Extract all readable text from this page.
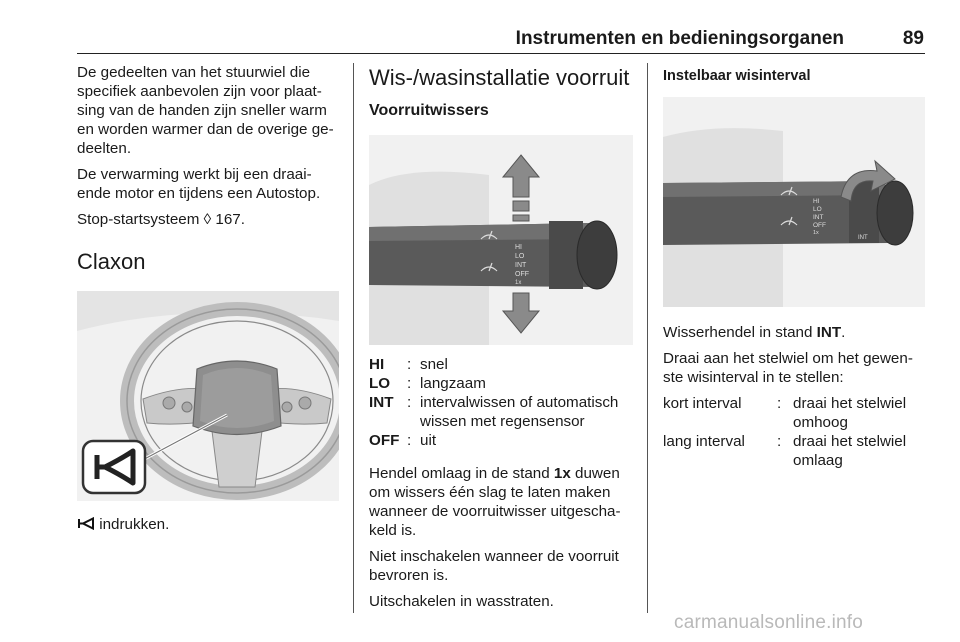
Instrumenten en bedieningsorganen	89

De gedeelten van het stuurwiel die specifiek aanbevolen zijn voor plaat-sing van de handen zijn sneller warm en worden warmer dan de overige ge-deelten.

De verwarming werkt bij een draai-ende motor en tijdens een Autostop.

Stop-startsysteem ◊ 167.

Claxon

indrukken.

Wis-/wasinstallatie voorruit
Voorruitwissers
HI
LO
INT
OFF
1x
HI	:	snel
LO	:	langzaam
INT	:	intervalwissen of automatisch wissen met regensensor
OFF	:	uit

Hendel omlaag in de stand 1x duwen om wissers één slag te laten maken wanneer de voorruitwisser uitgescha-keld is.

Niet inschakelen wanneer de voorruit bevroren is.

Uitschakelen in wasstraten.

Instelbaar wisinterval
HI
LO
INT
OFF
1x
INT

Wisserhendel in stand INT.

Draai aan het stelwiel om het gewen-ste wisinterval in te stellen:

kort interval	:	draai het stelwiel omhoog
lang interval	:	draai het stelwiel omlaag
carmanualsonline.info
